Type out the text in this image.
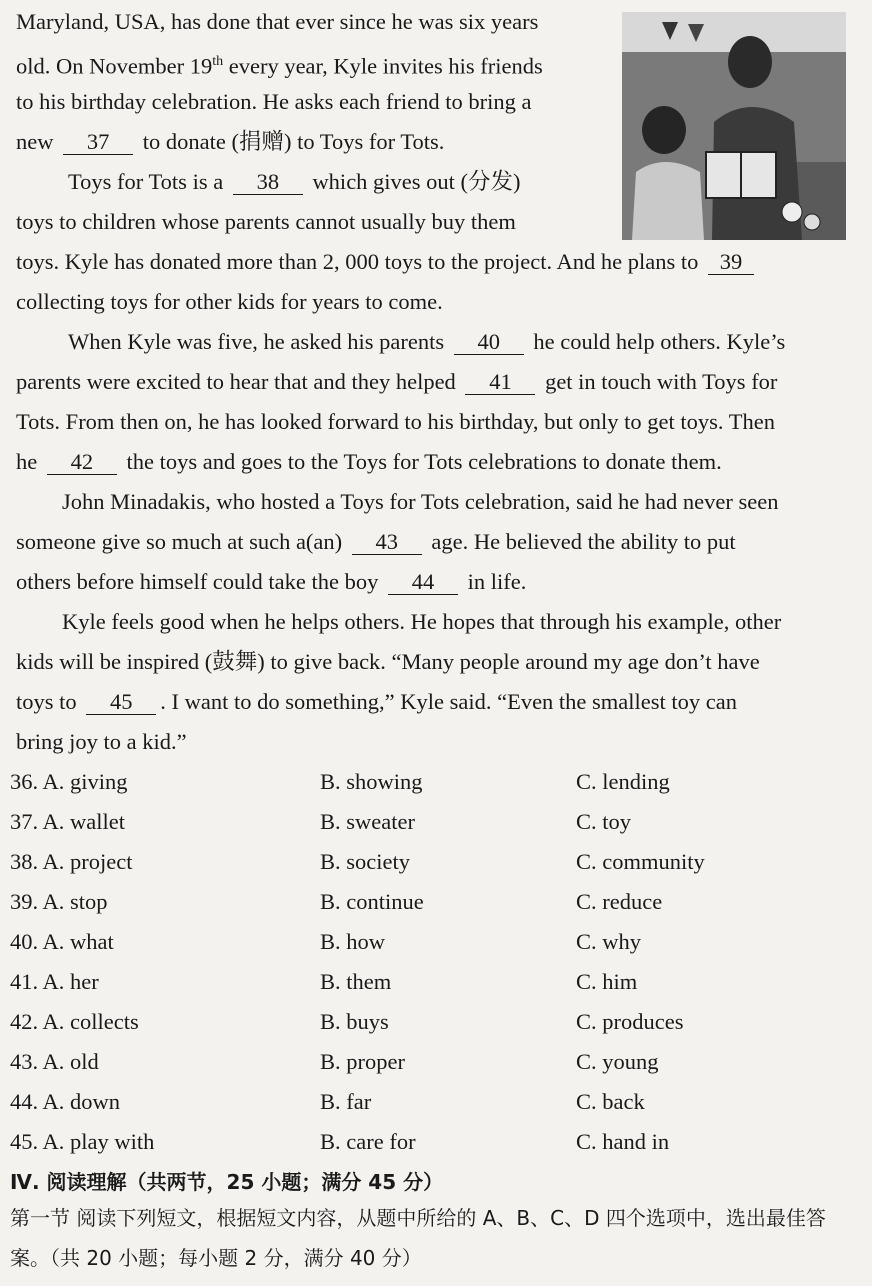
Maryland, USA, has done that ever since he was six years
old. On November 19th every year, Kyle invites his friends
to his birthday celebration. He asks each friend to bring a
new 37 to donate (捐赠) to Toys for Tots.
Toys for Tots is a 38 which gives out (分发)
toys to children whose parents cannot usually buy them
toys. Kyle has donated more than 2, 000 toys to the project. And he plans to 39
collecting toys for other kids for years to come.
When Kyle was five, he asked his parents 40 he could help others. Kyle’s
parents were excited to hear that and they helped 41 get in touch with Toys for
Tots. From then on, he has looked forward to his birthday, but only to get toys. Then
he 42 the toys and goes to the Toys for Tots celebrations to donate them.
John Minadakis, who hosted a Toys for Tots celebration, said he had never seen
someone give so much at such a(an) 43 age. He believed the ability to put
others before himself could take the boy 44 in life.
Kyle feels good when he helps others. He hopes that through his example, other
kids will be inspired (鼓舞) to give back. “Many people around my age don’t have
toys to 45 . I want to do something,” Kyle said. “Even the smallest toy can
bring joy to a kid.”
36. A. giving	B. showing	C. lending
37. A. wallet	B. sweater	C. toy
38. A. project	B. society	C. community
39. A. stop	B. continue	C. reduce
40. A. what	B. how	C. why
41. A. her	B. them	C. him
42. A. collects	B. buys	C. produces
43. A. old	B. proper	C. young
44. A. down	B. far	C. back
45. A. play with	B. care for	C. hand in
Ⅳ. 阅读理解（共两节，25 小题；满分 45 分）
第一节 阅读下列短文，根据短文内容，从题中所给的 A、B、C、D 四个选项中，选出最佳答案。（共 20 小题；每小题 2 分，满分 40 分）
